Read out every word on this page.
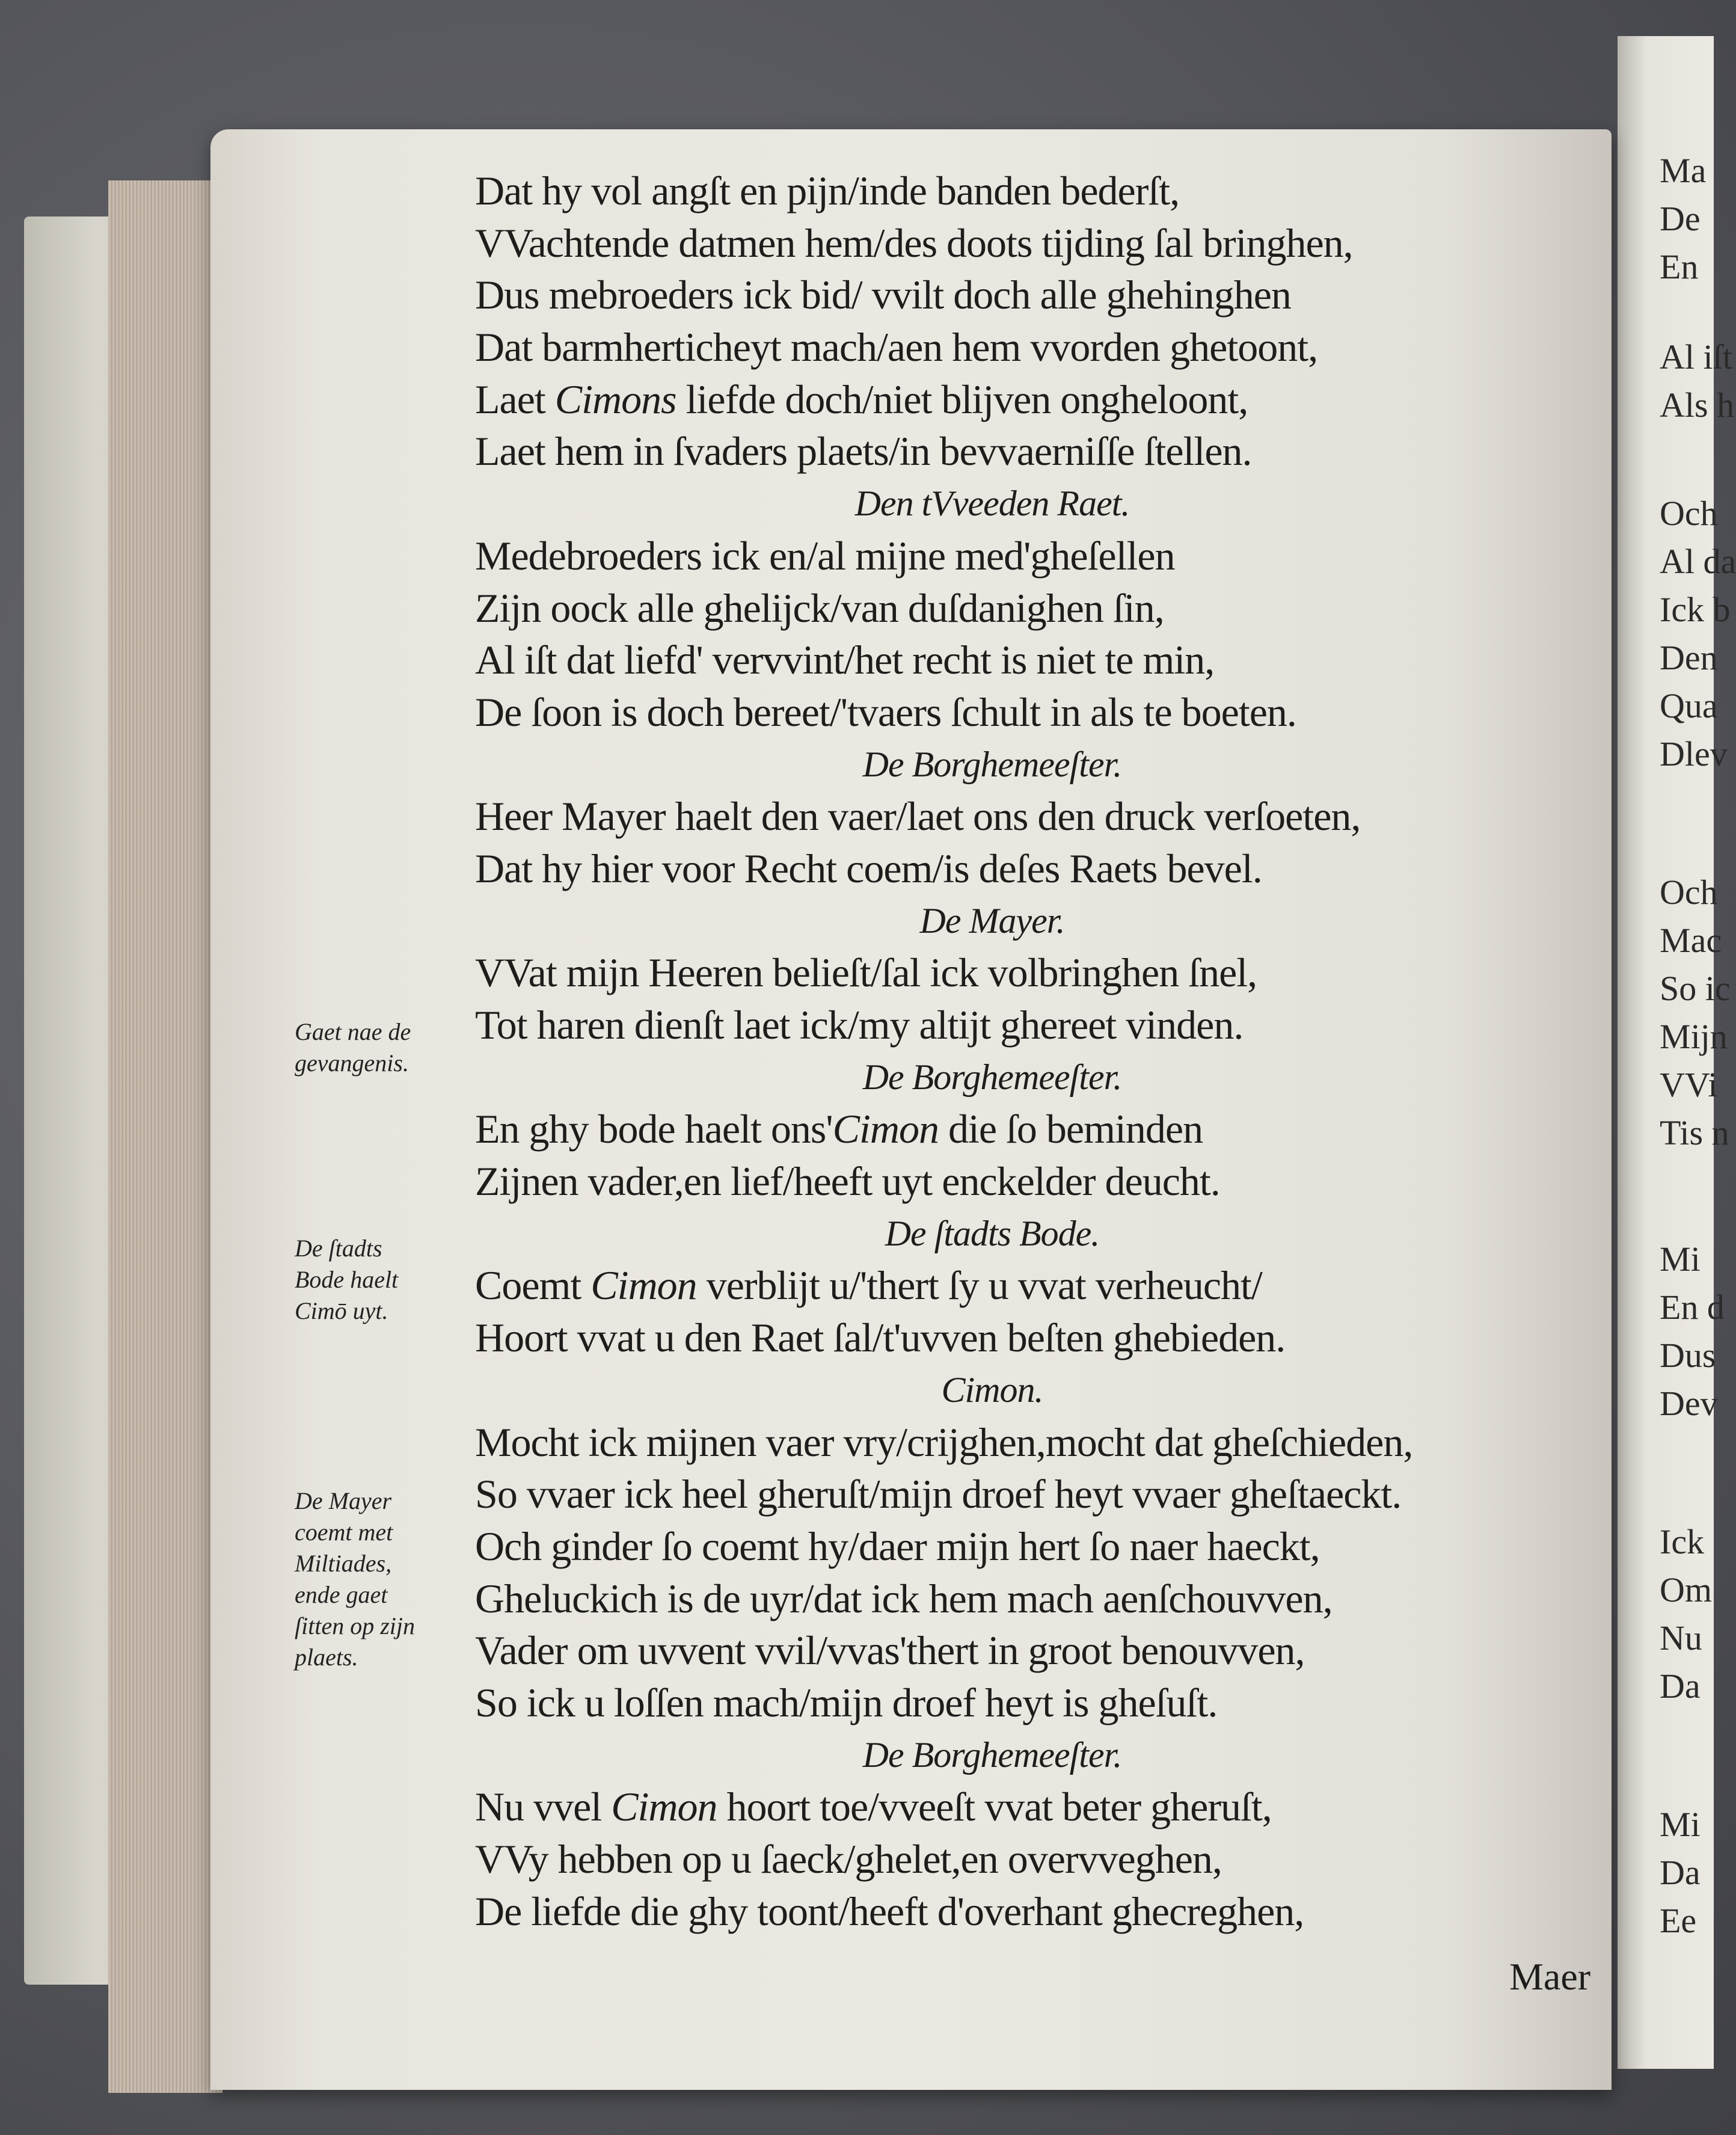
Ma
De
En
Al iſt
Als h
Och
Al da
Ick b
Den
Qua
Dlev
Och
Mac
So ic
Mijn
VVi
Tis n
Mi
En d
Dus
Dev
Ick
Om
Nu
Da
Mi
Da
Ee
Dat hy vol angſt en pijn/inde banden bederſt,
VVachtende datmen hem/des doots tijding ſal bringhen,
Dus mebroeders ick bid/ vvilt doch alle ghehinghen
Dat barmherticheyt mach/aen hem vvorden ghetoont,
Laet Cimons liefde doch/niet blijven ongheloont,
Laet hem in ſvaders plaets/in bevvaerniſſe ſtellen.
Den tVveeden Raet.
Medebroeders ick en/al mijne med'gheſellen
Zijn oock alle ghelijck/van duſdanighen ſin,
Al iſt dat liefd' vervvint/het recht is niet te min,
De ſoon is doch bereet/'tvaers ſchult in als te boeten.
De Borghemeeſter.
Heer Mayer haelt den vaer/laet ons den druck verſoeten,
Dat hy hier voor Recht coem/is deſes Raets bevel.
De Mayer.
VVat mijn Heeren belieſt/ſal ick volbringhen ſnel,
Tot haren dienſt laet ick/my altijt ghereet vinden.
De Borghemeeſter.
En ghy bode haelt ons'Cimon die ſo beminden
Zijnen vader,en lief/heeft uyt enckelder deucht.
De ſtadts Bode.
Coemt Cimon verblijt u/'thert ſy u vvat verheucht/
Hoort vvat u den Raet ſal/t'uvven beſten ghebieden.
Cimon.
Mocht ick mijnen vaer vry/crijghen,mocht dat gheſchieden,
So vvaer ick heel gheruſt/mijn droef heyt vvaer gheſtaeckt.
Och ginder ſo coemt hy/daer mijn hert ſo naer haeckt,
Gheluckich is de uyr/dat ick hem mach aenſchouvven,
Vader om uvvent vvil/vvas'thert in groot benouvven,
So ick u loſſen mach/mijn droef heyt is gheſuſt.
De Borghemeeſter.
Nu vvel Cimon hoort toe/vveeſt vvat beter gheruſt,
VVy hebben op u ſaeck/ghelet,en overvveghen,
De liefde die ghy toont/heeft d'overhant ghecreghen,
Gaet nae de
gevangenis.
De ſtadts
Bode haelt
Cimō uyt.
De Mayer
coemt met
Miltiades,
ende gaet
ſitten op zijn
plaets.
Maer
